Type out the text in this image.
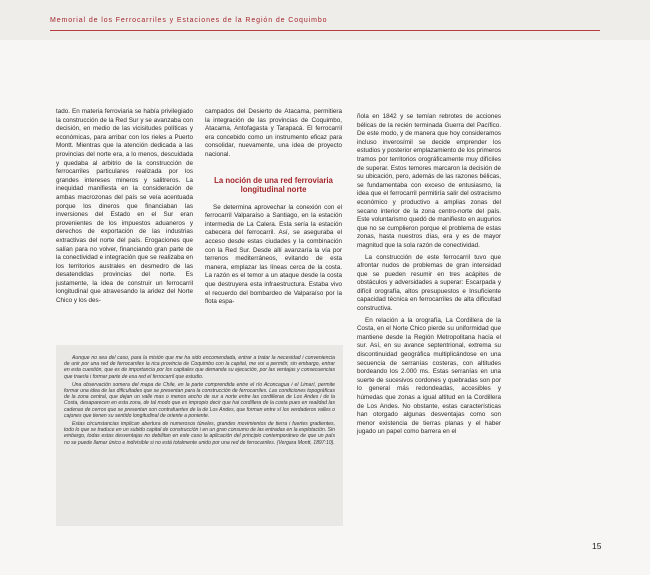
Memorial de los Ferrocarriles y Estaciones de la Región de Coquimbo

tado. En materia ferroviaria se había privilegiado la construcción de la Red Sur y se avanzaba con decisión, en medio de las vicisitudes políticas y económicas, para arribar con los rieles a Puerto Montt. Mientras que la atención dedicada a las provincias del norte era, a lo menos, descuidada y quedaba al arbitrio de la construcción de ferrocarriles particulares realizada por los grandes intereses mineros y salitreros. La inequidad manifiesta en la consideración de ambas macrozonas del país se veía acentuada porque los dineros que financiaban las inversiones del Estado en el Sur eran provenientes de los impuestos aduaneros y derechos de exportación de las industrias extractivas del norte del país. Erogaciones que salían para no volver, financiando gran parte de la conectividad e integración que se realizaba en los territorios australes en desmedro de las desatendidas provincias del norte. Es justamente, la idea de construir un ferrocarril longitudinal que atravesando la aridez del Norte Chico y los des-

campados del Desierto de Atacama, permitiera la integración de las provincias de Coquimbo, Atacama, Antofagasta y Tarapacá. El ferrocarril era concebido como un instrumento eficaz para consolidar, nuevamente, una idea de proyecto nacional.

La noción de una red ferroviaria longitudinal norte

Se determina aprovechar la conexión con el ferrocarril Valparaíso a Santiago, en la estación intermedia de La Calera. Esta sería la estación cabecera del ferrocarril. Así, se aseguraba el acceso desde estas ciudades y la combinación con la Red Sur. Desde allí avanzaría la vía por terrenos mediterráneos, evitando de esta manera, emplazar las líneas cerca de la costa. La razón es el temor a un ataque desde la costa que destruyera esta infraestructura. Estaba vivo el recuerdo del bombardeo de Valparaíso por la flota espa-

ñola en 1842 y se temían rebrotes de acciones bélicas de la recién terminada Guerra del Pacífico. De este modo, y de manera que hoy consideramos incluso inverosímil se decide emprender los estudios y posterior emplazamiento de los primeros tramos por territorios orográficamente muy difíciles de superar. Estos temores marcaron la decisión de su ubicación, pero, además de las razones bélicas, se fundamentaba con exceso de entusiasmo, la idea que el ferrocarril permitiría salir del ostracismo económico y productivo a amplias zonas del secano interior de la zona centro-norte del país. Este voluntarismo quedó de manifiesto en augurios que no se cumplieron porque el problema de estas zonas, hasta nuestros días, era y es de mayor magnitud que la sola razón de conectividad.

La construcción de este ferrocarril tuvo que afrontar nudos de problemas de gran intensidad que se pueden resumir en tres acápites de obstáculos y adversidades a superar: Escarpada y difícil orografía, altos presupuestos e Insuficiente capacidad técnica en ferrocarriles de alta dificultad constructiva.

En relación a la orografía, La Cordillera de la Costa, en el Norte Chico pierde su uniformidad que mantiene desde la Región Metropolitana hacia el sur. Así, en su avance septentrional, extrema su discontinuidad geográfica multiplicándose en una secuencia de serranías costeras, con altitudes bordeando los 2.000 ms. Estas serranías en una suerte de sucesivos cordones y quebradas son por lo general más redondeadas, accesibles y húmedas que zonas a igual altitud en la Cordillera de Los Andes. No obstante, estas características han otorgado algunas desventajas como son menor existencia de tierras planas y el haber jugado un papel como barrera en el

Aunque no sea del caso, para la misión que me ha sido encomendada, entrar a tratar la necesidad i conveniencia de unir por una red de ferrocarriles la rica provincia de Coquimbo con la capital, me voi a permitir, sin embargo, entrar en esta cuestión, que es de importancia por los capitales que demanda su ejecución, por las ventajas y consecuencias que traería i formar parte de esa red el ferrocarril que estudio.

Una observación somera del mapa de Chile, en la parte comprendida entre el río Aconcagua i el Limarí, permite formar una idea de las dificultades que se presentan para la construcción de ferrocarriles. Las condiciones topográficas de la zona central, que dejan un valle mas o menos ancho de sur a norte entre las cordilleras de Los Andes i de la Costa, desaparecen en esta zona, de tal modo que es impropio decir que hai cordillera de la costa pues en realidad las cadenas de cerros que se presentan son contrafuertes de la de Los Andes, que forman entre sí los verdaderos valles o cajones que tienen su sentido longitudinal de oriente a poniente.

Estas circunstancias implican abertura de numerosos túneles, grandes movimientos de tierra i fuertes gradientes, todo lo que se traduce en un subido capital de construcción i en un gran consumo de las entradas en la explotación. Sin embargo, todas estas desventajas no debilitan en este caso la aplicación del principio contemporáneo de que un país no se puede llamar único e indivisible si no está totalmente unido por una red de ferrocarriles. (Vergara Montt, 1897:10).

15
